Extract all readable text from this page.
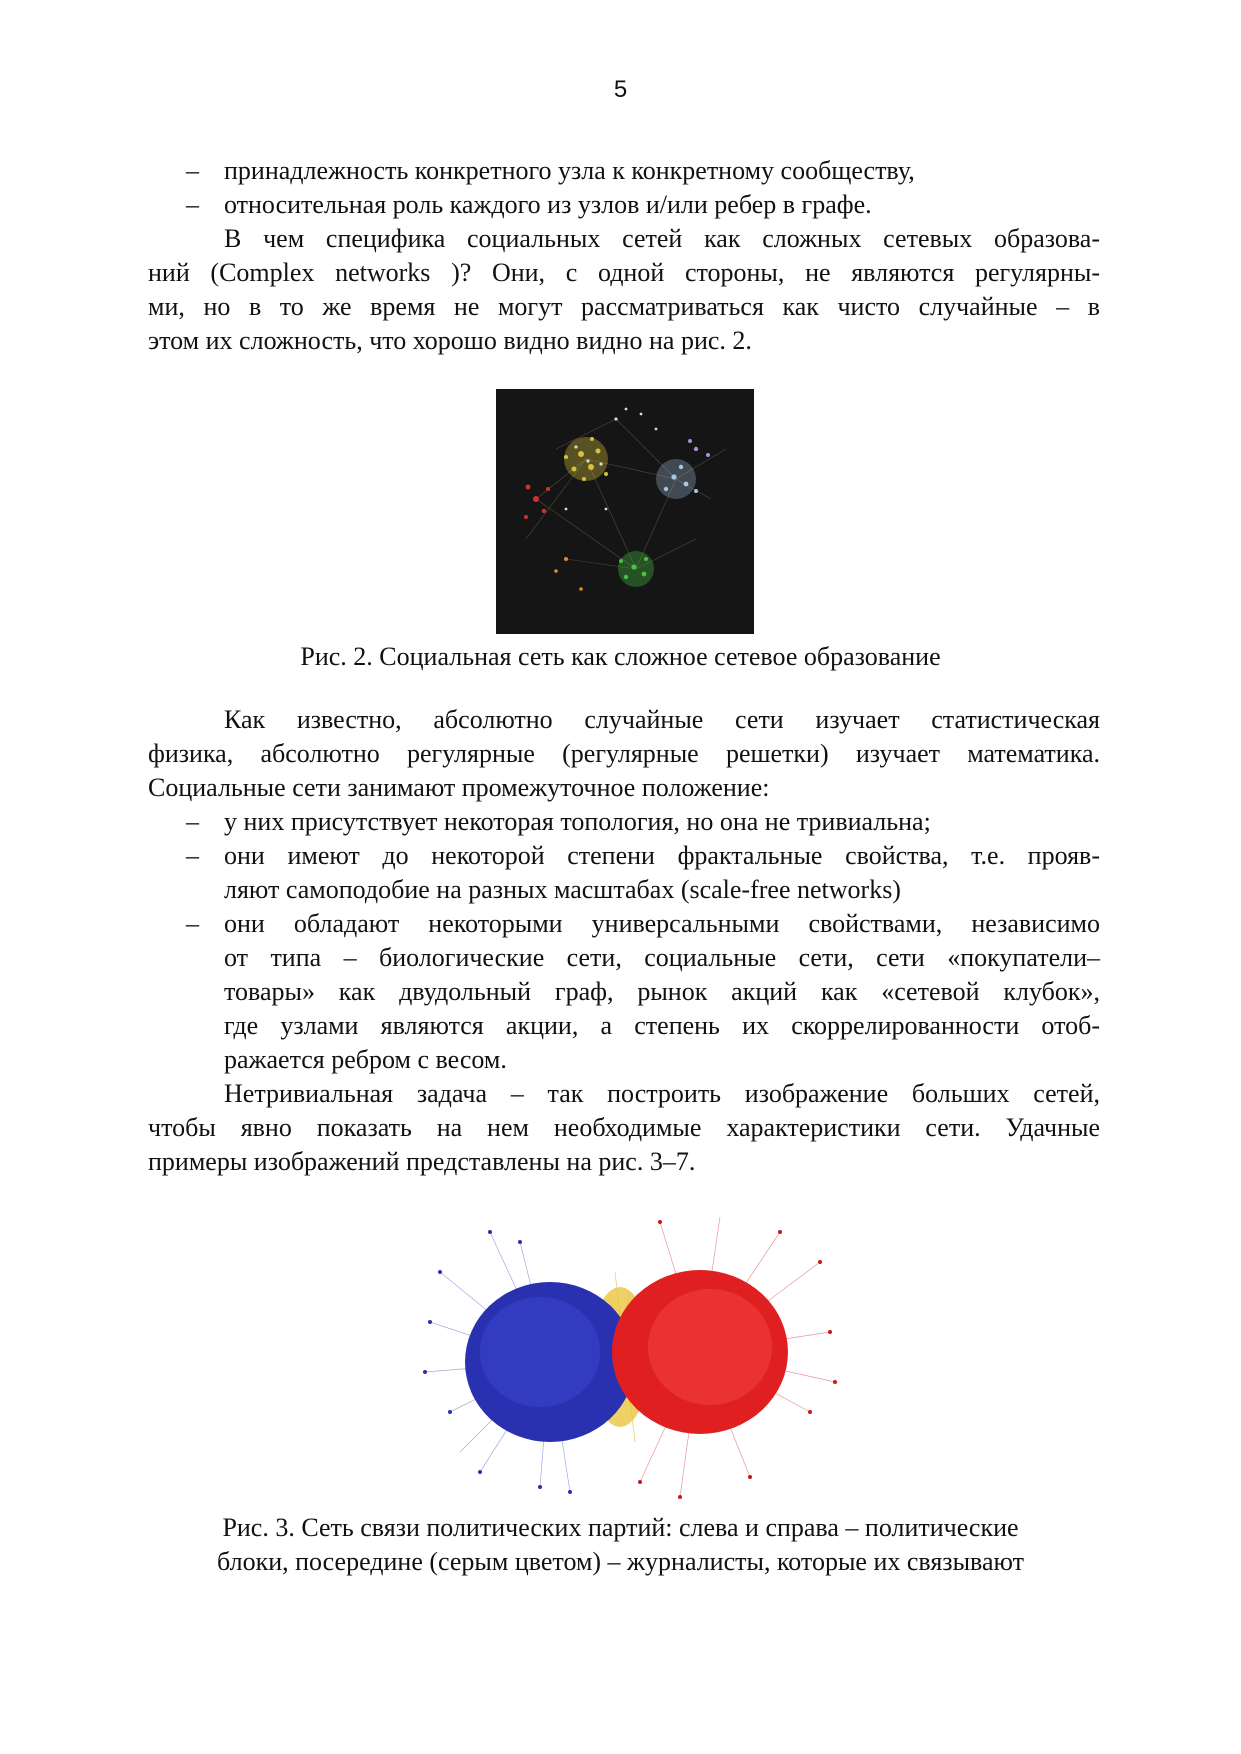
5
– принадлежность конкретного узла к конкретному сообществу,
– относительная роль каждого из узлов и/или ребер в графе.
В чем специфика социальных сетей как сложных сетевых образова-
ний (Complex networks )? Они, с одной стороны, не являются регулярны-
ми, но в то же время не могут рассматриваться как чисто случайные – в
этом их сложность, что хорошо видно видно на рис. 2.
Рис. 2. Социальная сеть как сложное сетевое образование
Как известно, абсолютно случайные сети изучает статистическая
физика, абсолютно регулярные (регулярные решетки) изучает математика.
Социальные сети занимают промежуточное положение:
– у них присутствует некоторая топология, но она не тривиальна;
– они имеют до некоторой степени фрактальные свойства, т.е. прояв-
ляют самоподобие на разных масштабах (scale-free networks)
– они обладают некоторыми универсальными свойствами, независимо
от типа – биологические сети, социальные сети, сети «покупатели–
товары» как двудольный граф, рынок акций как «сетевой клубок»,
где узлами являются акции, а степень их скоррелированности отоб-
ражается ребром с весом.
Нетривиальная задача – так построить изображение больших сетей,
чтобы явно показать на нем необходимые характеристики сети. Удачные
примеры изображений представлены на рис. 3–7.
Рис. 3. Сеть связи политических партий: слева и справа – политические
блоки, посередине (серым цветом) – журналисты, которые их связывают
